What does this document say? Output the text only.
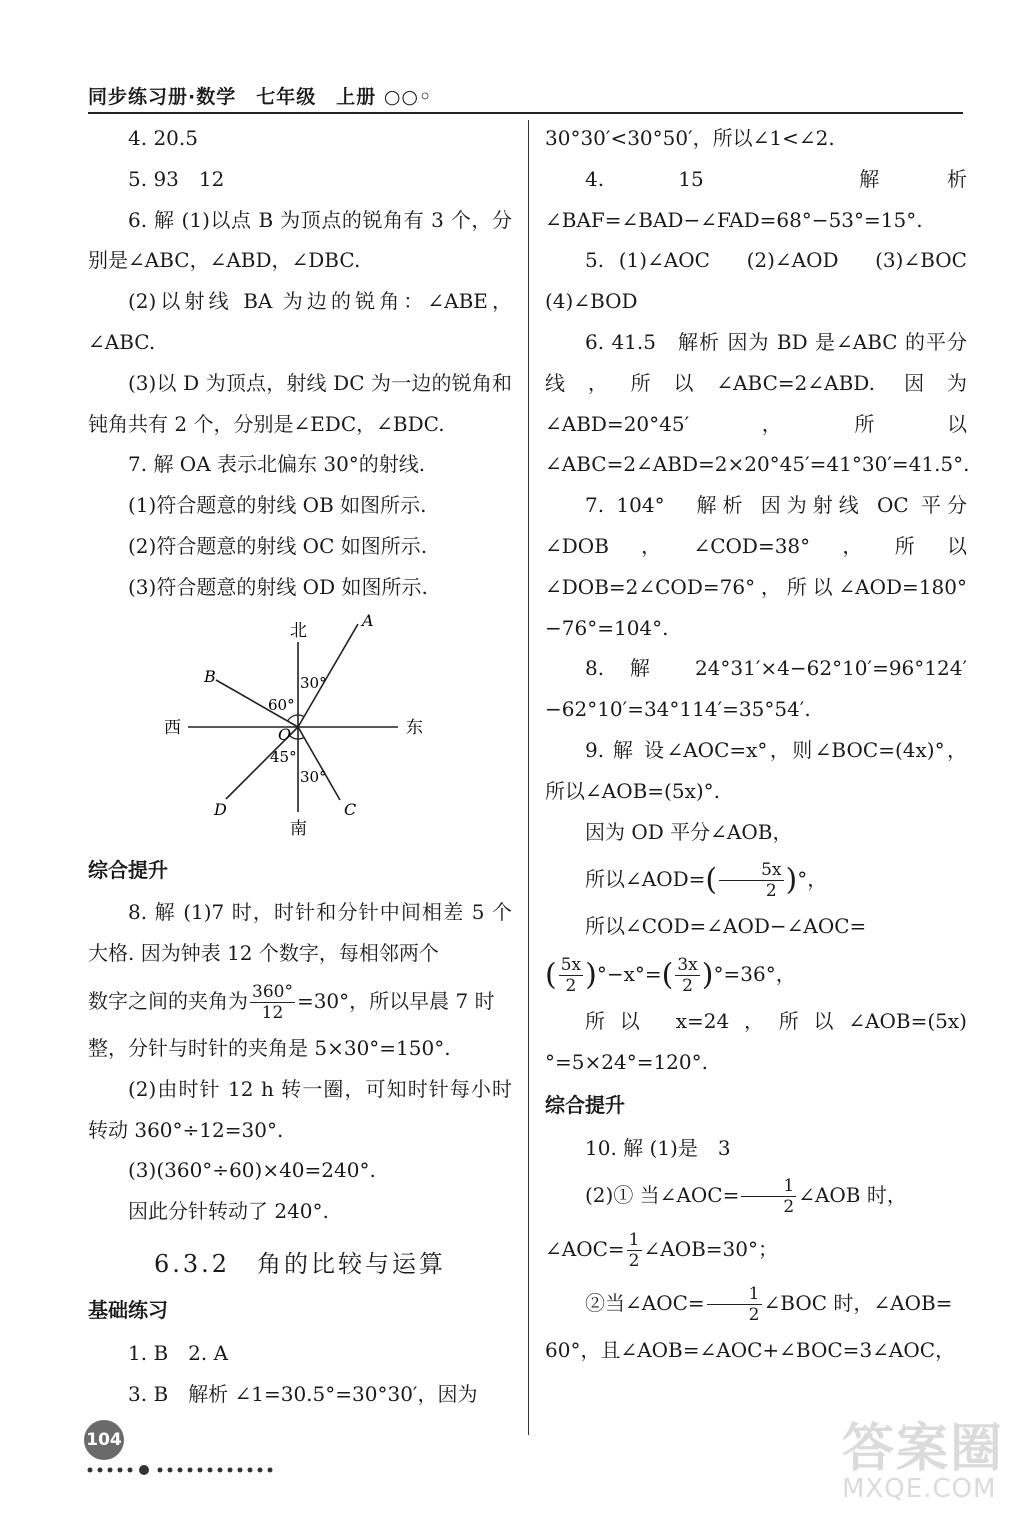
同步练习册·数学　七年级　上册 ○○◦

4. 20.5

5. 93　12

6. 解 (1)以点 B 为顶点的锐角有 3 个，分别是∠ABC，∠ABD，∠DBC.

(2)以射线 BA 为边的锐角：∠ABE，∠ABC.

(3)以 D 为顶点，射线 DC 为一边的锐角和钝角共有 2 个，分别是∠EDC，∠BDC.

7. 解 OA 表示北偏东 30°的射线.

(1)符合题意的射线 OB 如图所示.

(2)符合题意的射线 OC 如图所示.

(3)符合题意的射线 OD 如图所示.

北
南
西	东
O
A
B
C
D
30°
60°
45°
30°

综合提升

8. 解 (1)7 时，时针和分针中间相差 5 个大格. 因为钟表 12 个数字，每相邻两个

数字之间的夹角为 $\frac{360^\circ}{12} =30^\circ$，所以早晨 7 时

整，分针与时针的夹角是 5×30°=150°.

(2)由时针 12 h 转一圈，可知时针每小时转动 360°÷12=30°.

(3)(360°÷60)×40=240°.

因此分针转动了 240°.

6.3.2　角的比较与运算

基础练习

1. B　2. A

3. B　解析 ∠1=30.5°=30°30′，因为

30°30′<30°50′，所以∠1<∠2.

4. 15　解析 ∠BAF=∠BAD−∠FAD=68°−53°=15°.

5. (1)∠AOC　(2)∠AOD　(3)∠BOC　(4)∠BOD

6. 41.5　解析 因为 BD 是∠ABC 的平分线，所以∠ABC=2∠ABD. 因为∠ABD=20°45′，所以∠ABC=2∠ABD=2×20°45′=41°30′=41.5°.

7. 104°　解析 因为射线 OC 平分∠DOB，∠COD=38°，所以∠DOB=2∠COD=76°，所以∠AOD=180°−76°=104°.

8. 解 24°31′×4−62°10′=96°124′−62°10′=34°114′=35°54′.

9. 解 设∠AOC=x°，则∠BOC=(4x)°，所以∠AOB=(5x)°.

因为 OD 平分∠AOB，

所以∠AOD=( $\frac{5x}{2}$ )°，

所以∠COD=∠AOD−∠AOC=

( $\frac{5x}{2} )^\circ-x^\circ=( \frac{3x}{2} )^\circ=36^\circ$，

所以 x=24，所以∠AOB=(5x)°=5×24°=120°.

综合提升

10. 解 (1)是　3

(2)① 当∠AOC= $\frac{1}{2}$ ∠AOB 时，

∠AOC= $\frac{1}{2}$ ∠AOB=30°；

②当∠AOC= $\frac{1}{2}$ ∠BOC 时，∠AOB=

60°，且∠AOB=∠AOC+∠BOC=3∠AOC，

104	答案圈
MXQE.COM
